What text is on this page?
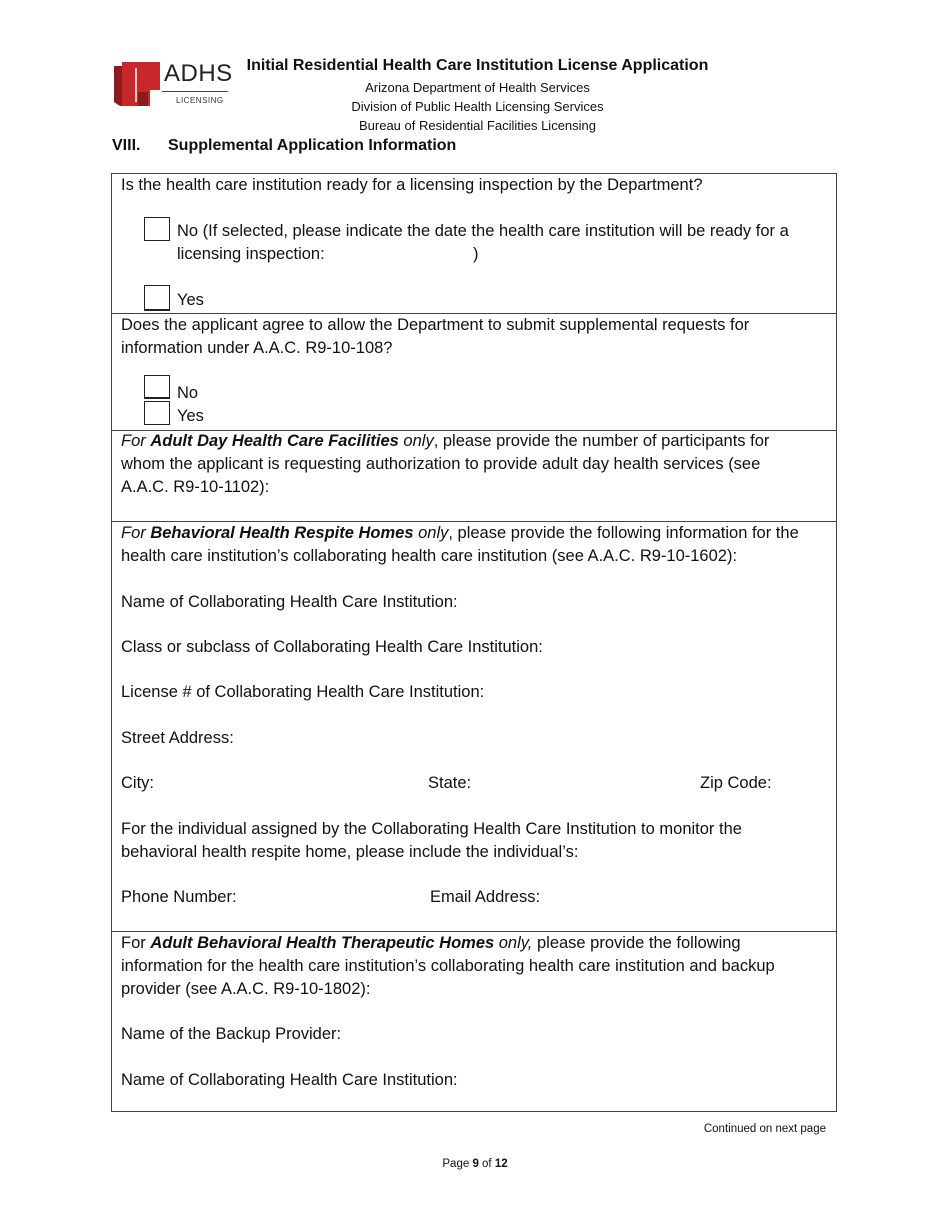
ADHS
LICENSING
Initial Residential Health Care Institution License Application
Arizona Department of Health Services
Division of Public Health Licensing Services
Bureau of Residential Facilities Licensing
VIII. Supplemental Application Information
Is the health care institution ready for a licensing inspection by the Department?
No (If selected, please indicate the date the health care institution will be ready for a
licensing inspection:	)
Yes
Does the applicant agree to allow the Department to submit supplemental requests for
information under A.A.C. R9-10-108?
No
Yes
For Adult Day Health Care Facilities only, please provide the number of participants for
whom the applicant is requesting authorization to provide adult day health services (see
A.A.C. R9-10-1102):
For Behavioral Health Respite Homes only, please provide the following information for the
health care institution’s collaborating health care institution (see A.A.C. R9-10-1602):
Name of Collaborating Health Care Institution:
Class or subclass of Collaborating Health Care Institution:
License # of Collaborating Health Care Institution:
Street Address:
City:	State:	Zip Code:
For the individual assigned by the Collaborating Health Care Institution to monitor the
behavioral health respite home, please include the individual’s:
Phone Number:	Email Address:
For Adult Behavioral Health Therapeutic Homes only, please provide the following
information for the health care institution’s collaborating health care institution and backup
provider (see A.A.C. R9-10-1802):
Name of the Backup Provider:
Name of Collaborating Health Care Institution:
Continued on next page
Page 9 of 12
